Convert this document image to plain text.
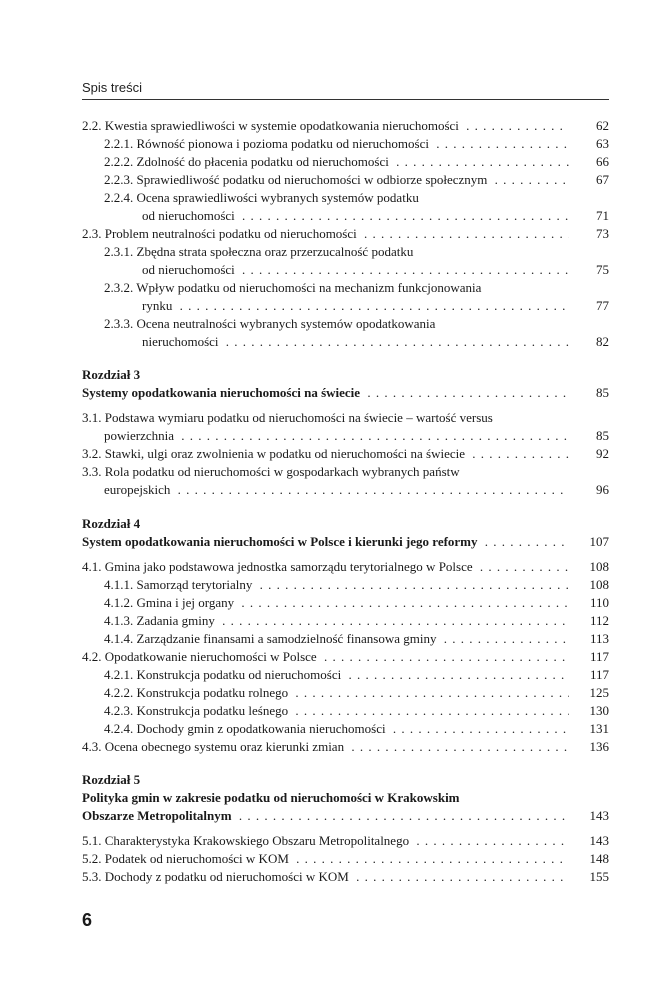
Spis treści
2.2. Kwestia sprawiedliwości w systemie opodatkowania nieruchomości . . .	62
2.2.1. Równość pionowa i pozioma podatku od nieruchomości . . .	63
2.2.2. Zdolność do płacenia podatku od nieruchomości . . .	66
2.2.3. Sprawiedliwość podatku od nieruchomości w odbiorze społecznym . . .	67
2.2.4. Ocena sprawiedliwości wybranych systemów podatku
od nieruchomości . . .	71
2.3. Problem neutralności podatku od nieruchomości . . .	73
2.3.1. Zbędna strata społeczna oraz przerzucalność podatku
od nieruchomości . . .	75
2.3.2. Wpływ podatku od nieruchomości na mechanizm funkcjonowania
rynku . . .	77
2.3.3. Ocena neutralności wybranych systemów opodatkowania
nieruchomości . . .	82
Rozdział 3
Systemy opodatkowania nieruchomości na świecie . . .	85
3.1. Podstawa wymiaru podatku od nieruchomości na świecie – wartość versus
powierzchnia . . .	85
3.2. Stawki, ulgi oraz zwolnienia w podatku od nieruchomości na świecie . . .	92
3.3. Rola podatku od nieruchomości w gospodarkach wybranych państw
europejskich . . .	96
Rozdział 4
System opodatkowania nieruchomości w Polsce i kierunki jego reformy . . .	107
4.1. Gmina jako podstawowa jednostka samorządu terytorialnego w Polsce . . .	108
4.1.1. Samorząd terytorialny . . .	108
4.1.2. Gmina i jej organy . . .	110
4.1.3. Zadania gminy . . .	112
4.1.4. Zarządzanie finansami a samodzielność finansowa gminy . . .	113
4.2. Opodatkowanie nieruchomości w Polsce . . .	117
4.2.1. Konstrukcja podatku od nieruchomości . . .	117
4.2.2. Konstrukcja podatku rolnego . . .	125
4.2.3. Konstrukcja podatku leśnego . . .	130
4.2.4. Dochody gmin z opodatkowania nieruchomości . . .	131
4.3. Ocena obecnego systemu oraz kierunki zmian . . .	136
Rozdział 5
Polityka gmin w zakresie podatku od nieruchomości w Krakowskim
Obszarze Metropolitalnym . . .	143
5.1. Charakterystyka Krakowskiego Obszaru Metropolitalnego . . .	143
5.2. Podatek od nieruchomości w KOM . . .	148
5.3. Dochody z podatku od nieruchomości w KOM . . .	155
6
